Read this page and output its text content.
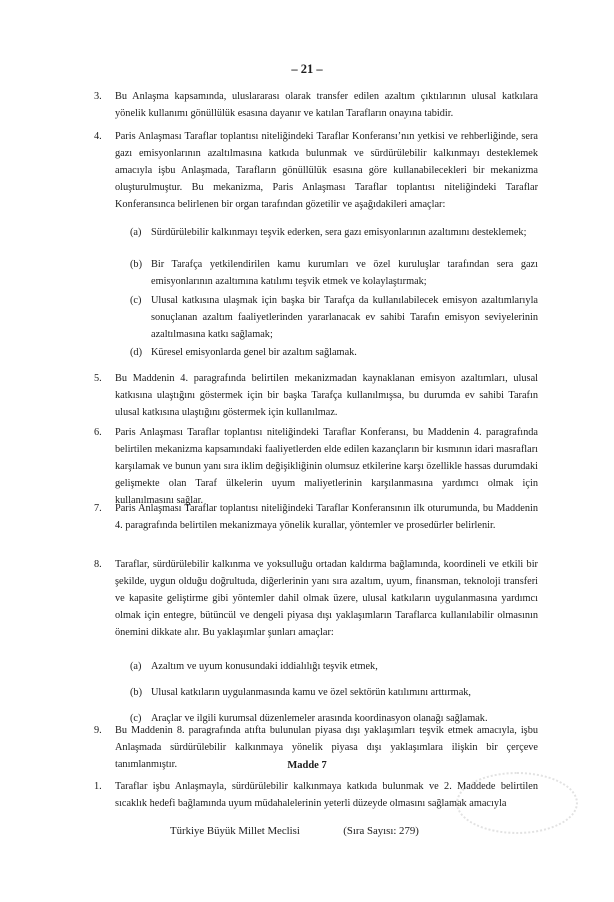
– 21 –
3. Bu Anlaşma kapsamında, uluslararası olarak transfer edilen azaltım çıktılarının ulusal katkılara yönelik kullanımı gönüllülük esasına dayanır ve katılan Tarafların onayına tabidir.
4. Paris Anlaşması Taraflar toplantısı niteliğindeki Taraflar Konferansı’nın yetkisi ve rehberliğinde, sera gazı emisyonlarının azaltılmasına katkıda bulunmak ve sürdürülebilir kalkınmayı desteklemek amacıyla işbu Anlaşmada, Tarafların gönüllülük esasına göre kullanabilecekleri bir mekanizma oluşturulmuştur. Bu mekanizma, Paris Anlaşması Taraflar toplantısı niteliğindeki Taraflar Konferansınca belirlenen bir organ tarafından gözetilir ve aşağıdakileri amaçlar:
(a) Sürdürülebilir kalkınmayı teşvik ederken, sera gazı emisyonlarının azaltımını desteklemek;
(b) Bir Tarafça yetkilendirilen kamu kurumları ve özel kuruluşlar tarafından sera gazı emisyonlarının azaltımına katılımı teşvik etmek ve kolaylaştırmak;
(c) Ulusal katkısına ulaşmak için başka bir Tarafça da kullanılabilecek emisyon azaltımlarıyla sonuçlanan azaltım faaliyetlerinden yararlanacak ev sahibi Tarafın emisyon seviyelerinin azaltılmasına katkı sağlamak;
(d) Küresel emisyonlarda genel bir azaltım sağlamak.
5. Bu Maddenin 4. paragrafında belirtilen mekanizmadan kaynaklanan emisyon azaltımları, ulusal katkısına ulaştığını göstermek için bir başka Tarafça kullanılmışsa, bu durumda ev sahibi Tarafın ulusal katkısına ulaştığını göstermek için kullanılmaz.
6. Paris Anlaşması Taraflar toplantısı niteliğindeki Taraflar Konferansı, bu Maddenin 4. paragrafında belirtilen mekanizma kapsamındaki faaliyetlerden elde edilen kazançların bir kısmının idari masrafları karşılamak ve bunun yanı sıra iklim değişikliğinin olumsuz etkilerine karşı özellikle hassas durumdaki gelişmekte olan Taraf ülkelerin uyum maliyetlerinin karşılanmasına yardımcı olmak için kullanılmasını sağlar.
7. Paris Anlaşması Taraflar toplantısı niteliğindeki Taraflar Konferansının ilk oturumunda, bu Maddenin 4. paragrafında belirtilen mekanizmaya yönelik kurallar, yöntemler ve prosedürler belirlenir.
8. Taraflar, sürdürülebilir kalkınma ve yoksulluğu ortadan kaldırma bağlamında, koordineli ve etkili bir şekilde, uygun olduğu doğrultuda, diğerlerinin yanı sıra azaltım, uyum, finansman, teknoloji transferi ve kapasite geliştirme gibi yöntemler dahil olmak üzere, ulusal katkıların uygulanmasına yardımcı olmak için entegre, bütüncül ve dengeli piyasa dışı yaklaşımların Taraflarca kullanılabilir olmasının önemini dikkate alır. Bu yaklaşımlar şunları amaçlar:
(a) Azaltım ve uyum konusundaki iddialılığı teşvik etmek,
(b) Ulusal katkıların uygulanmasında kamu ve özel sektörün katılımını arttırmak,
(c) Araçlar ve ilgili kurumsal düzenlemeler arasında koordinasyon olanağı sağlamak.
9. Bu Maddenin 8. paragrafında atıfta bulunulan piyasa dışı yaklaşımları teşvik etmek amacıyla, işbu Anlaşmada sürdürülebilir kalkınmaya yönelik piyasa dışı yaklaşımlara ilişkin bir çerçeve tanımlanmıştır.	Madde 7
1. Taraflar işbu Anlaşmayla, sürdürülebilir kalkınmaya katkıda bulunmak ve 2. Maddede belirtilen sıcaklık hedefi bağlamında uyum müdahalelerinin yeterli düzeyde olmasını sağlamak amacıyla
Türkiye Büyük Millet Meclisi	(Sıra Sayısı: 279)
